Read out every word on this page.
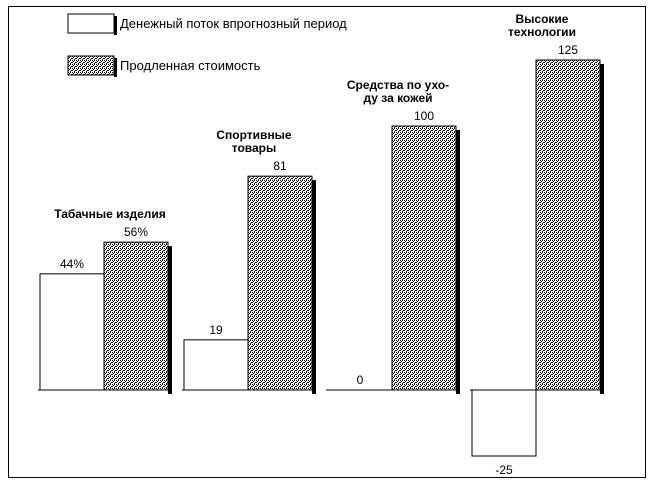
Денежный поток впрогнозный период
Продленная стоимость
44%
56%
Табачные изделия
19
81
Спортивные товары
0
100
Средства по ухо-ду за кожей
-25
125
Высокие технологии
